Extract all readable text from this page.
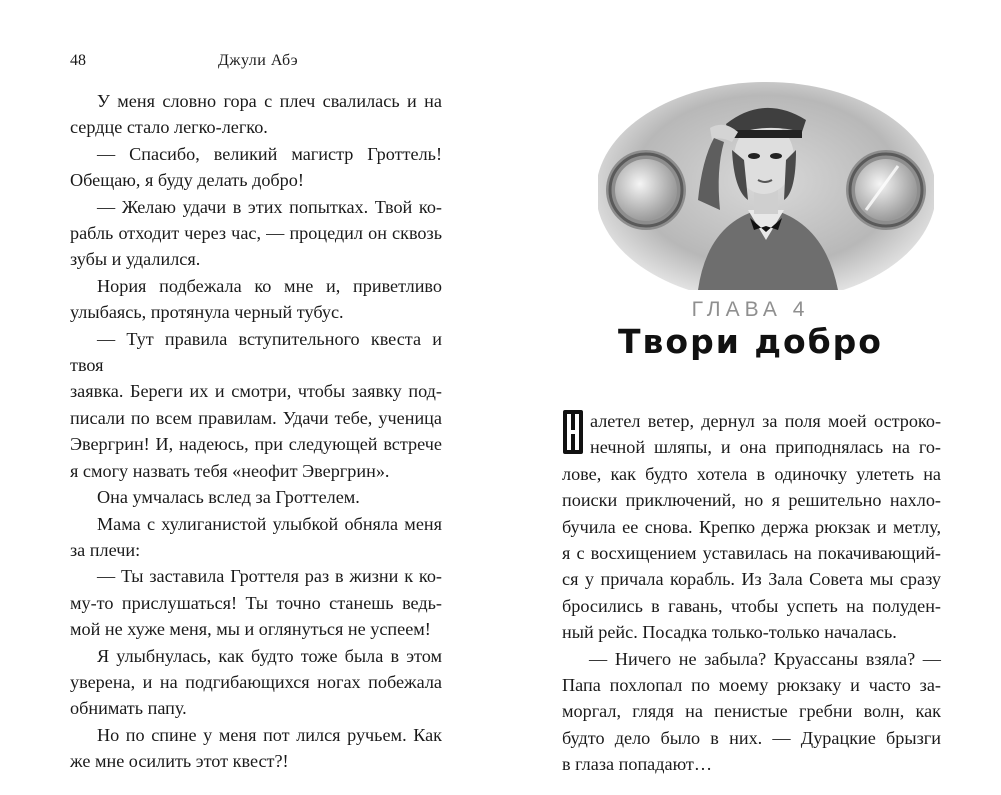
48	Джули Абэ

У меня словно гора с плеч свалилась и на
сердце стало легко-легко.

— Спасибо, великий магистр Гроттель!
Обещаю, я буду делать добро!

— Желаю удачи в этих попытках. Твой ко-
рабль отходит через час, — процедил он сквозь
зубы и удалился.

Нория подбежала ко мне и, приветливо
улыбаясь, протянула черный тубус.

— Тут правила вступительного квеста и твоя
заявка. Береги их и смотри, чтобы заявку под-
писали по всем правилам. Удачи тебе, ученица
Эвергрин! И, надеюсь, при следующей встрече
я смогу назвать тебя «неофит Эвергрин».

Она умчалась вслед за Гроттелем.

Мама с хулиганистой улыбкой обняла меня
за плечи:

— Ты заставила Гроттеля раз в жизни к ко-
му-то прислушаться! Ты точно станешь ведь-
мой не хуже меня, мы и оглянуться не успеем!

Я улыбнулась, как будто тоже была в этом
уверена, и на подгибающихся ногах побежала
обнимать папу.

Но по спине у меня пот лился ручьем. Как
же мне осилить этот квест?!

ГЛАВА 4
Твори добро
Н

алетел ветер, дернул за поля моей остроко-
нечной шляпы, и она приподнялась на го-
лове, как будто хотела в одиночку улететь на
поиски приключений, но я решительно нахло-
бучила ее снова. Крепко держа рюкзак и метлу,
я с восхищением уставилась на покачивающий-
ся у причала корабль. Из Зала Совета мы сразу
бросились в гавань, чтобы успеть на полуден-
ный рейс. Посадка только-только началась.

— Ничего не забыла? Круассаны взяла? —
Папа похлопал по моему рюкзаку и часто за-
моргал, глядя на пенистые гребни волн, как
будто дело было в них. — Дурацкие брызги
в глаза попадают…
